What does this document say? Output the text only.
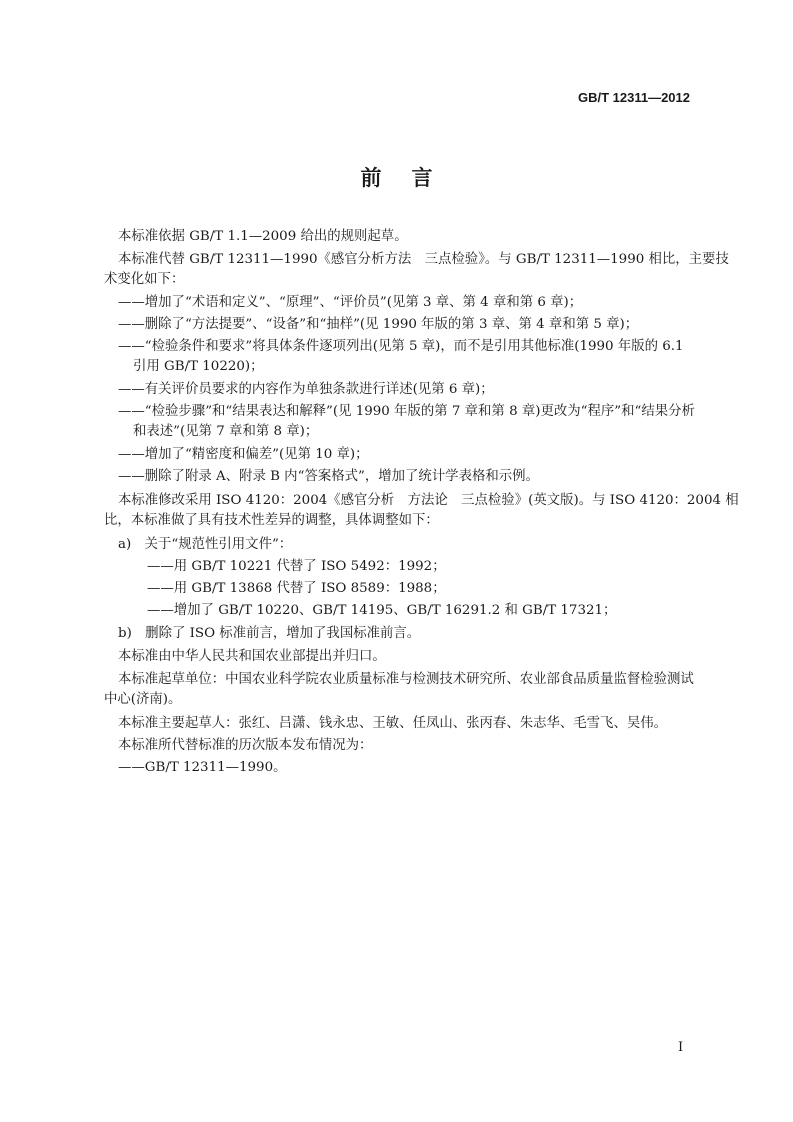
GB/T 12311—2012
前言
本标准依据 GB/T 1.1—2009 给出的规则起草。
本标准代替 GB/T 12311—1990《感官分析方法　三点检验》。与 GB/T 12311—1990 相比，主要技
术变化如下：
——增加了“术语和定义”、“原理”、“评价员”(见第 3 章、第 4 章和第 6 章)；
——删除了“方法提要”、“设备”和“抽样”(见 1990 年版的第 3 章、第 4 章和第 5 章)；
——“检验条件和要求”将具体条件逐项列出(见第 5 章)，而不是引用其他标准(1990 年版的 6.1
引用 GB/T 10220)；
——有关评价员要求的内容作为单独条款进行详述(见第 6 章)；
——“检验步骤”和“结果表达和解释”(见 1990 年版的第 7 章和第 8 章)更改为“程序”和“结果分析
和表述”(见第 7 章和第 8 章)；
——增加了“精密度和偏差”(见第 10 章)；
——删除了附录 A、附录 B 内“答案格式”，增加了统计学表格和示例。
本标准修改采用 ISO 4120：2004《感官分析　方法论　三点检验》(英文版)。与 ISO 4120：2004 相
比，本标准做了具有技术性差异的调整，具体调整如下：
a)　关于“规范性引用文件”：
——用 GB/T 10221 代替了 ISO 5492：1992；
——用 GB/T 13868 代替了 ISO 8589：1988；
——增加了 GB/T 10220、GB/T 14195、GB/T 16291.2 和 GB/T 17321；
b)　删除了 ISO 标准前言，增加了我国标准前言。
本标准由中华人民共和国农业部提出并归口。
本标准起草单位：中国农业科学院农业质量标准与检测技术研究所、农业部食品质量监督检验测试
中心(济南)。
本标准主要起草人：张红、吕潇、钱永忠、王敏、任凤山、张丙春、朱志华、毛雪飞、吴伟。
本标准所代替标准的历次版本发布情况为：
——GB/T 12311—1990。
I
